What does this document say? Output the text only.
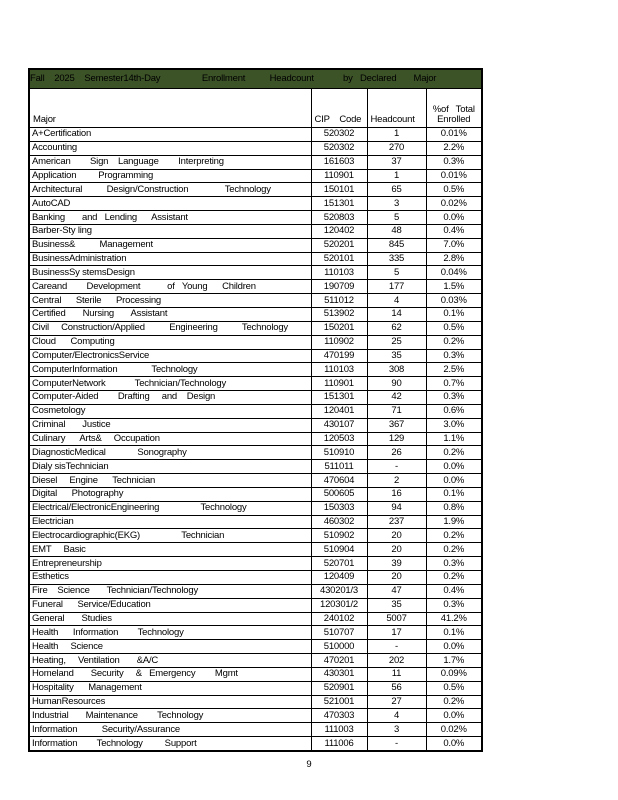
Fall    2025    Semester14th-Day                 Enrollment          Headcount            by   Declared       Major			
Major	CIP    Code	Headcount	%of   Total
Enrolled
A+Certification	520302	1	0.01%
Accounting	520302	270	2.2%
American        Sign    Language        Interpreting	161603	37	0.3%
Application         Programming	110901	1	0.01%
Architectural          Design/Construction               Technology	150101	65	0.5%
AutoCAD	151301	3	0.02%
Banking       and   Lending      Assistant	520803	5	0.0%
Barber-Sty ling	120402	48	0.4%
Business&          Management	520201	845	7.0%
BusinessAdministration	520101	335	2.8%
BusinessSy stemsDesign	110103	5	0.04%
Careand        Development           of   Young      Children	190709	177	1.5%
Central      Sterile      Processing	511012	4	0.03%
Certified       Nursing       Assistant	513902	14	0.1%
Civil     Construction/Applied          Engineering          Technology	150201	62	0.5%
Cloud      Computing	110902	25	0.2%
Computer/ElectronicsService	470199	35	0.3%
ComputerInformation              Technology	110103	308	2.5%
ComputerNetwork            Technician/Technology	110901	90	0.7%
Computer-Aided        Drafting     and    Design	151301	42	0.3%
Cosmetology	120401	71	0.6%
Criminal       Justice	430107	367	3.0%
Culinary      Arts&     Occupation	120503	129	1.1%
DiagnosticMedical             Sonography	510910	26	0.2%
Dialy sisTechnician	511011	-	0.0%
Diesel     Engine      Technician	470604	2	0.0%
Digital      Photography	500605	16	0.1%
Electrical/ElectronicEngineering                 Technology	150303	94	0.8%
Electrician	460302	237	1.9%
Electrocardiographic(EKG)                 Technician	510902	20	0.2%
EMT     Basic	510904	20	0.2%
Entrepreneurship	520701	39	0.3%
Esthetics	120409	20	0.2%
Fire    Science       Technician/Technology	430201/3	47	0.4%
Funeral      Service/Education	120301/2	35	0.3%
General       Studies	240102	5007	41.2%
Health      Information        Technology	510707	17	0.1%
Health     Science	510000	-	0.0%
Heating,     Ventilation       &A/C	470201	202	1.7%
Homeland       Security     &   Emergency        Mgmt	430301	11	0.09%
Hospitality      Management	520901	56	0.5%
HumanResources	521001	27	0.2%
Industrial       Maintenance        Technology	470303	4	0.0%
Information          Security/Assurance	111003	3	0.02%
Information        Technology         Support	111006	-	0.0%
9
